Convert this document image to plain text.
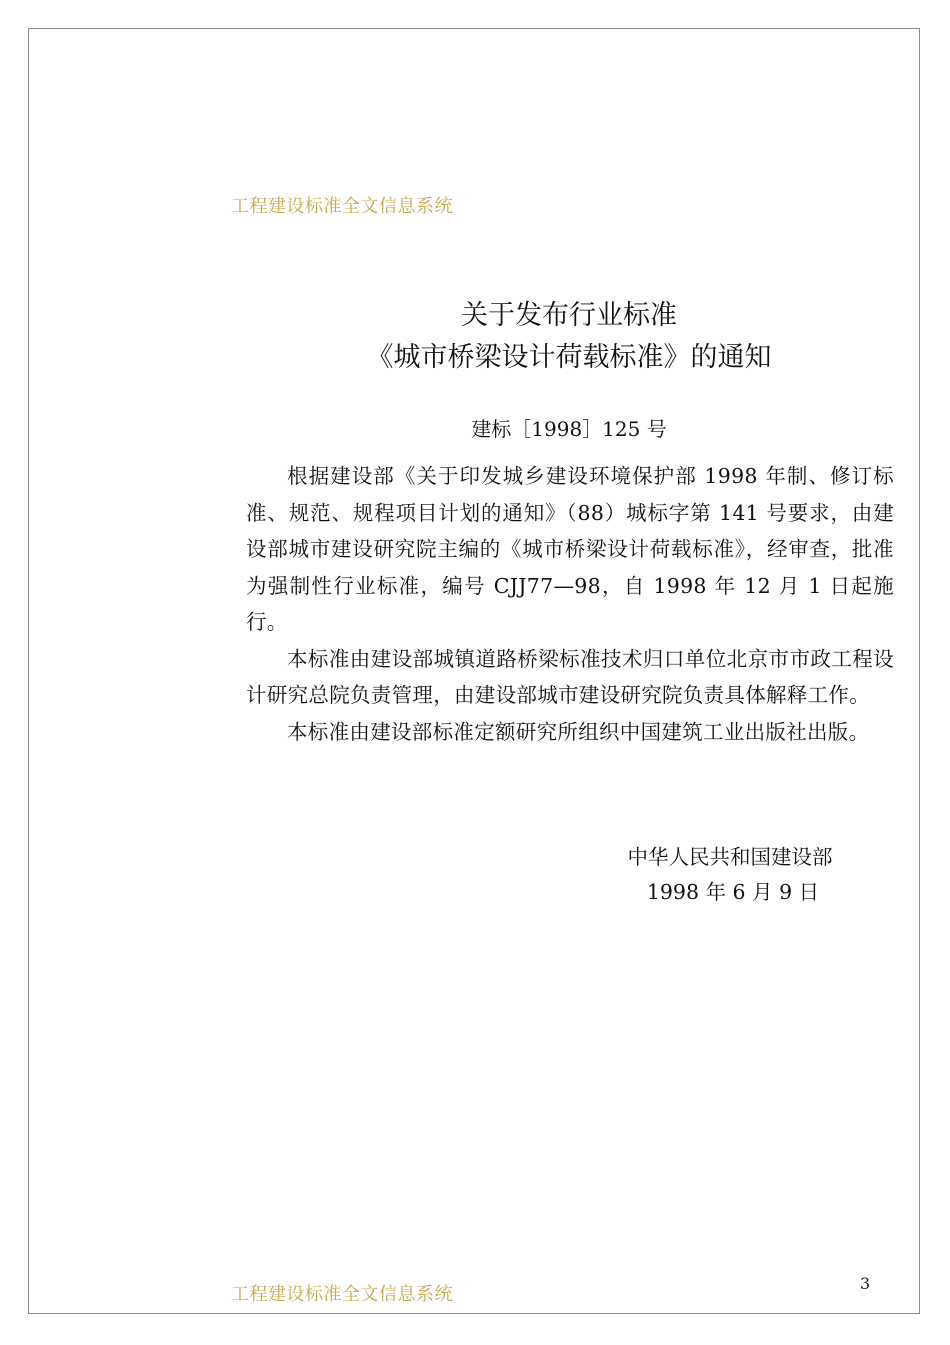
工程建设标准全文信息系统
关于发布行业标准
《城市桥梁设计荷载标准》的通知
建标［1998］125 号

根据建设部《关于印发城乡建设环境保护部 1998 年制、修订标准、规范、规程项目计划的通知》（88）城标字第 141 号要求，由建设部城市建设研究院主编的《城市桥梁设计荷载标准》，经审查，批准为强制性行业标准，编号 CJJ77—98，自 1998 年 12 月 1 日起施行。

本标准由建设部城镇道路桥梁标准技术归口单位北京市市政工程设计研究总院负责管理，由建设部城市建设研究院负责具体解释工作。

本标准由建设部标准定额研究所组织中国建筑工业出版社出版。

中华人民共和国建设部
1998 年 6 月 9 日
工程建设标准全文信息系统
3
